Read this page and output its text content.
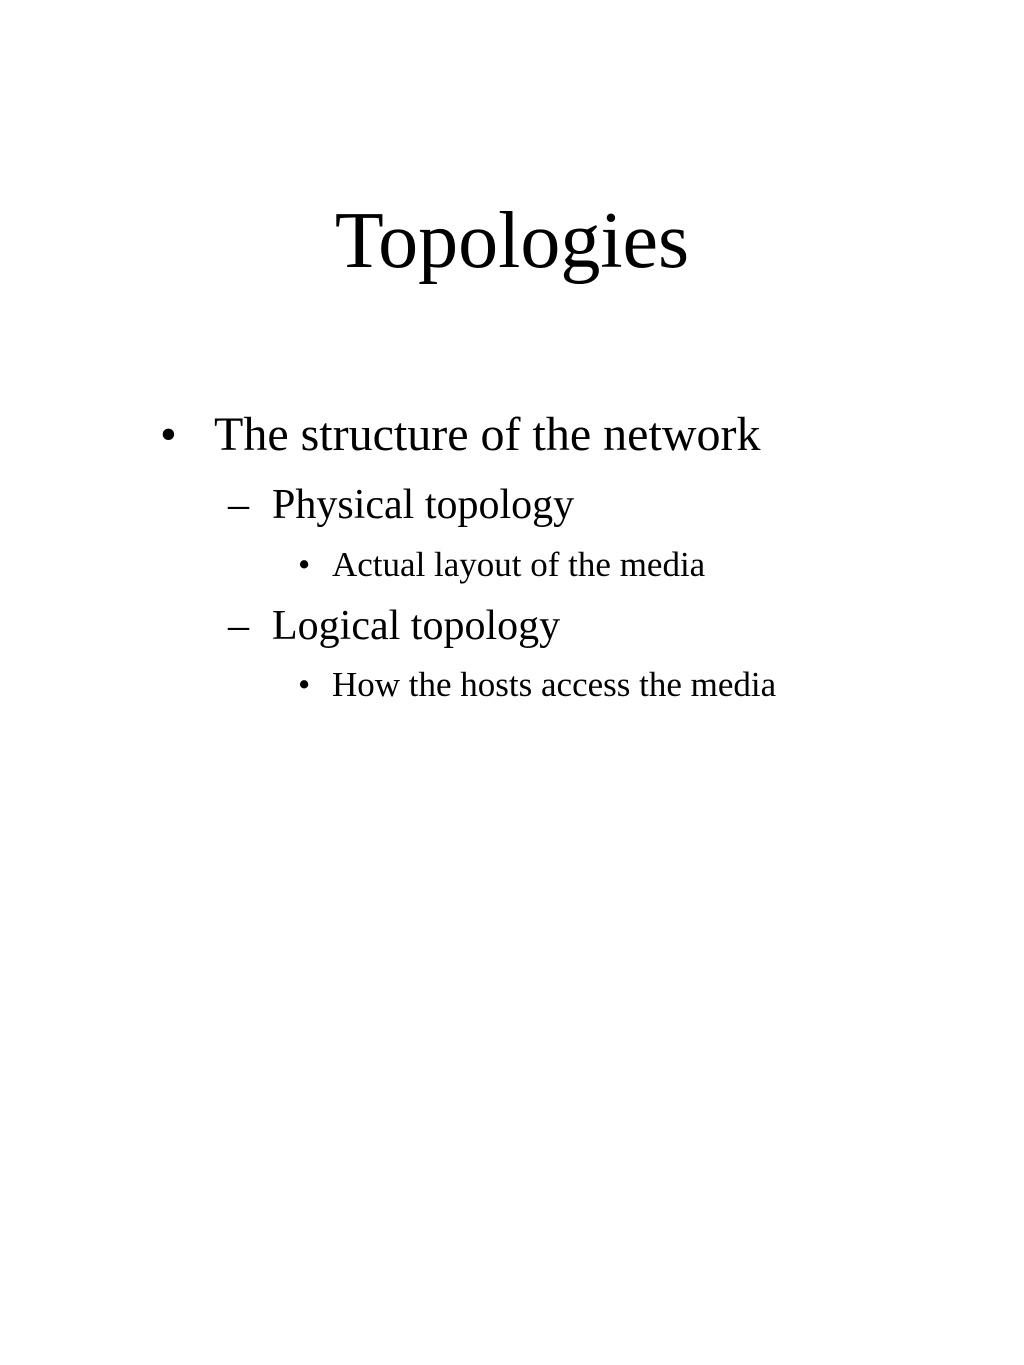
Topologies
• The structure of the network
– Physical topology
• Actual layout of the media
– Logical topology
• How the hosts access the media
